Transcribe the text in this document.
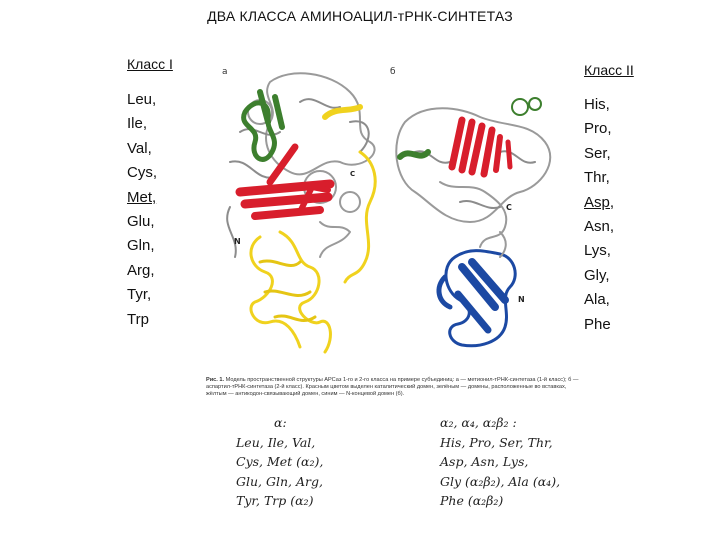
ДВА КЛАССА АМИНОАЦИЛ-тРНК-СИНТЕТАЗ
Класс I	Класс II
Leu,
Ile,
Val,
Cys,
Met,
Glu,
Gln,
Arg,
Tyr,
Trp
His,
Pro,
Ser,
Thr,
Asp,
Asn,
Lys,
Gly,
Ala,
Phe
а
N
C
б
N
C
Рис. 1. Модель пространственной структуры АРСаз 1-го и 2-го класса на примере субъединиц: а — метионил-тРНК-синтетаза (1-й класс); б — аспартил-тРНК-синтетаза (2-й класс). Красным цветом выделен каталитический домен, зелёным — домены, расположенные во вставках, жёлтым — антикодон-связывающий домен, синим — N-концевой домен (б).
α:
Leu, Ile, Val,
Cys, Met (α₂),
Glu, Gln, Arg,
Tyr, Trp (α₂)
α₂, α₄, α₂β₂ :
His, Pro, Ser, Thr,
Asp, Asn, Lys,
Gly (α₂β₂), Ala (α₄),
Phe (α₂β₂)
